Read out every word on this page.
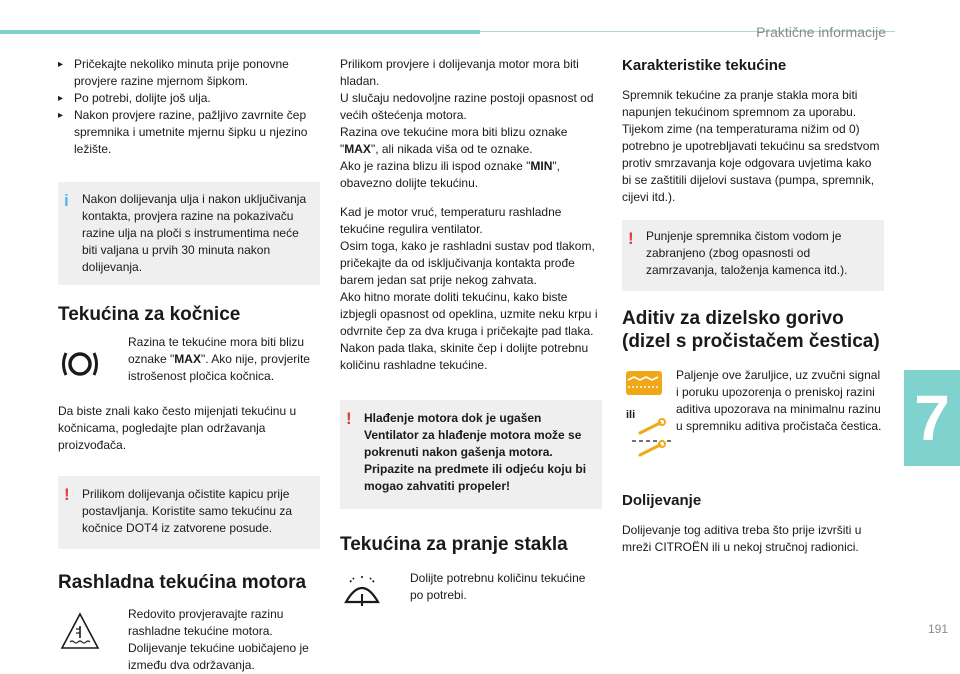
Praktične informacije
7
191
▸ Pričekajte nekoliko minuta prije ponovne provjere razine mjernom šipkom.
▸ Po potrebi, dolijte još ulja.
▸ Nakon provjere razine, pažljivo zavrnite čep spremnika i umetnite mjernu šipku u njezino ležište.
i Nakon dolijevanja ulja i nakon uključivanja kontakta, provjera razine na pokazivaču razine ulja na ploči s instrumentima neće biti valjana u prvih 30 minuta nakon dolijevanja.
Tekućina za kočnice

Razina te tekućine mora biti blizu oznake "MAX". Ako nije, provjerite istrošenost pločica kočnica.

Da biste znali kako često mijenjati tekućinu u kočnicama, pogledajte plan održavanja proizvođača.

! Prilikom dolijevanja očistite kapicu prije postavljanja. Koristite samo tekućinu za kočnice DOT4 iz zatvorene posude.
Rashladna tekućina motora

Redovito provjeravajte razinu rashladne tekućine motora. Dolijevanje tekućine uobičajeno je između dva održavanja.

Prilikom provjere i dolijevanja motor mora biti hladan.
U slučaju nedovoljne razine postoji opasnost od većih oštećenja motora.
Razina ove tekućine mora biti blizu oznake "MAX", ali nikada viša od te oznake.
Ako je razina blizu ili ispod oznake "MIN", obavezno dolijte tekućinu.

Kad je motor vruć, temperaturu rashladne tekućine regulira ventilator.
Osim toga, kako je rashladni sustav pod tlakom, pričekajte da od isključivanja kontakta prođe barem jedan sat prije nekog zahvata.
Ako hitno morate doliti tekućinu, kako biste izbjegli opasnost od opeklina, uzmite neku krpu i odvrnite čep za dva kruga i pričekajte pad tlaka.
Nakon pada tlaka, skinite čep i dolijte potrebnu količinu rashladne tekućine.

! Hlađenje motora dok je ugašen Ventilator za hlađenje motora može se pokrenuti nakon gašenja motora. Pripazite na predmete ili odjeću koju bi mogao zahvatiti propeler!
Tekućina za pranje stakla

Dolijte potrebnu količinu tekućine po potrebi.

Karakteristike tekućine

Spremnik tekućine za pranje stakla mora biti napunjen tekućinom spremnom za uporabu. Tijekom zime (na temperaturama nižim od 0) potrebno je upotrebljavati tekućinu sa sredstvom protiv smrzavanja koje odgovara uvjetima kako bi se zaštitili dijelovi sustava (pumpa, spremnik, cijevi itd.).

! Punjenje spremnika čistom vodom je zabranjeno (zbog opasnosti od zamrzavanja, taloženja kamenca itd.).
Aditiv za dizelsko gorivo
(dizel s pročistačem čestica)
ili

Paljenje ove žaruljice, uz zvučni signal i poruku upozorenja o preniskoj razini aditiva upozorava na minimalnu razinu u spremniku aditiva pročistača čestica.

Dolijevanje

Dolijevanje tog aditiva treba što prije izvršiti u mreži CITROËN ili u nekoj stručnoj radionici.
